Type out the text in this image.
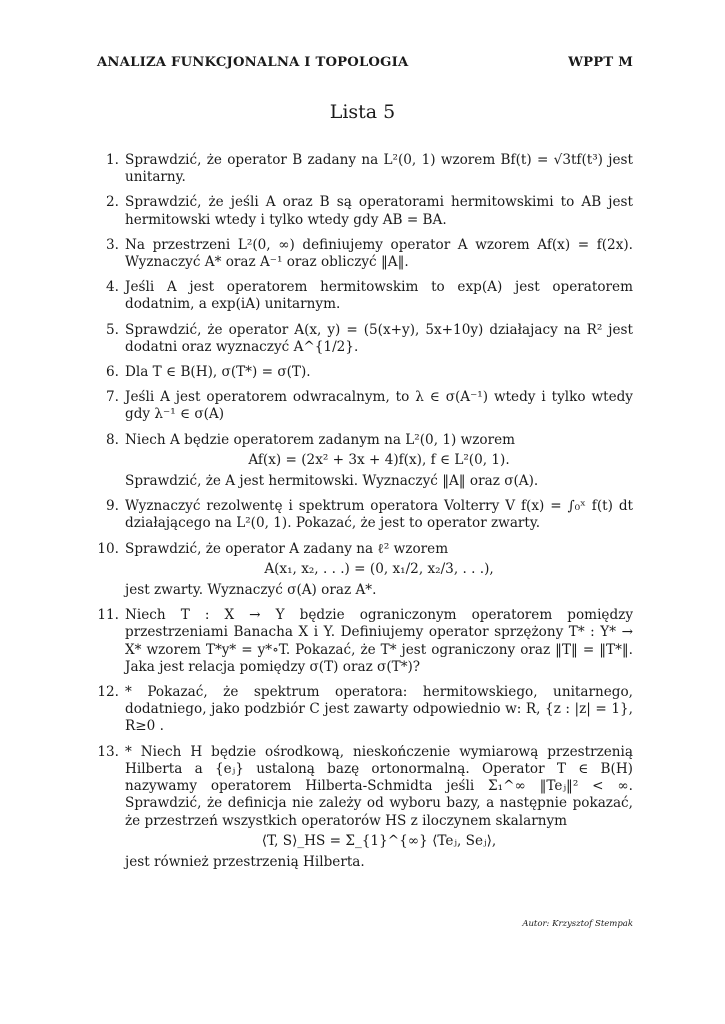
ANALIZA FUNKCJONALNA I TOPOLOGIA	WPPT M
Lista 5
1. Sprawdzić, że operator B zadany na L²(0, 1) wzorem Bf(t) = √3tf(t³) jest unitarny.
2. Sprawdzić, że jeśli A oraz B są operatorami hermitowskimi to AB jest hermitowski wtedy i tylko wtedy gdy AB = BA.
3. Na przestrzeni L²(0, ∞) definiujemy operator A wzorem Af(x) = f(2x). Wyznaczyć A* oraz A⁻¹ oraz obliczyć ‖A‖.
4. Jeśli A jest operatorem hermitowskim to exp(A) jest operatorem dodatnim, a exp(iA) unitarnym.
5. Sprawdzić, że operator A(x, y) = (5(x+y), 5x+10y) działajacy na R² jest dodatni oraz wyznaczyć A^{1/2}.
6. Dla T ∈ B(H), σ(T*) = σ(T).
7. Jeśli A jest operatorem odwracalnym, to λ ∈ σ(A⁻¹) wtedy i tylko wtedy gdy λ⁻¹ ∈ σ(A)
8. Niech A będzie operatorem zadanym na L²(0, 1) wzorem
Af(x) = (2x² + 3x + 4)f(x), f ∈ L²(0, 1).
Sprawdzić, że A jest hermitowski. Wyznaczyć ‖A‖ oraz σ(A).
9. Wyznaczyć rezolwentę i spektrum operatora Volterry V f(x) = ∫₀ˣ f(t) dt działającego na L²(0, 1). Pokazać, że jest to operator zwarty.
10. Sprawdzić, że operator A zadany na ℓ² wzorem
A(x₁, x₂, . . .) = (0, x₁/2, x₂/3, . . .),
jest zwarty. Wyznaczyć σ(A) oraz A*.
11. Niech T : X → Y będzie ograniczonym operatorem pomiędzy przestrzeniami Banacha X i Y. Definiujemy operator sprzężony T* : Y* → X* wzorem T*y* = y*∘T. Pokazać, że T* jest ograniczony oraz ‖T‖ = ‖T*‖. Jaka jest relacja pomiędzy σ(T) oraz σ(T*)?
12. * Pokazać, że spektrum operatora: hermitowskiego, unitarnego, dodatniego, jako podzbiór C jest zawarty odpowiednio w: R, {z : |z| = 1}, R≥0 .
13. * Niech H będzie ośrodkową, nieskończenie wymiarową przestrzenią Hilberta a {eⱼ} ustaloną bazę ortonormalną. Operator T ∈ B(H) nazywamy operatorem Hilberta-Schmidta jeśli Σ₁^∞ ‖Teⱼ‖² < ∞. Sprawdzić, że definicja nie zależy od wyboru bazy, a następnie pokazać, że przestrzeń wszystkich operatorów HS z iloczynem skalarnym
⟨T, S⟩_HS = Σ_{1}^{∞} ⟨Teⱼ, Seⱼ⟩,
jest również przestrzenią Hilberta.
Autor: Krzysztof Stempak
